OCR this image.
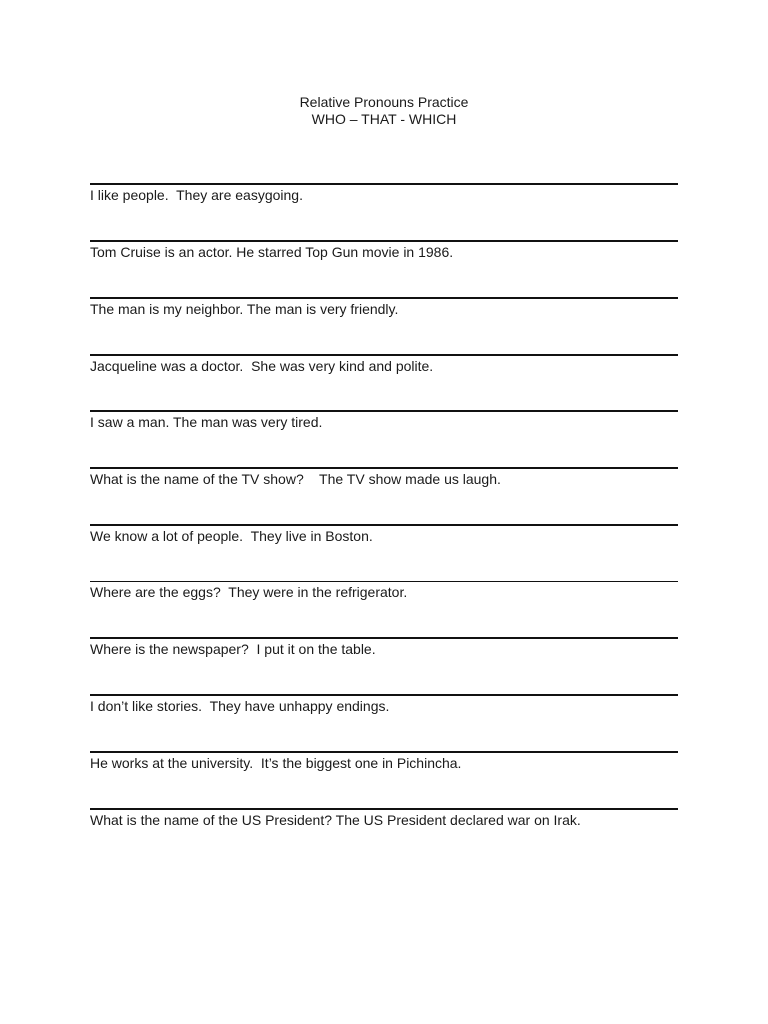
Relative Pronouns Practice
WHO – THAT - WHICH
I like people.  They are easygoing.
Tom Cruise is an actor. He starred Top Gun movie in 1986.
The man is my neighbor. The man is very friendly.
Jacqueline was a doctor.  She was very kind and polite.
I saw a man. The man was very tired.
What is the name of the TV show?    The TV show made us laugh.
We know a lot of people.  They live in Boston.
Where are the eggs?  They were in the refrigerator.
Where is the newspaper?  I put it on the table.
I don’t like stories.  They have unhappy endings.
He works at the university.  It’s the biggest one in Pichincha.
What is the name of the US President? The US President declared war on Irak.
